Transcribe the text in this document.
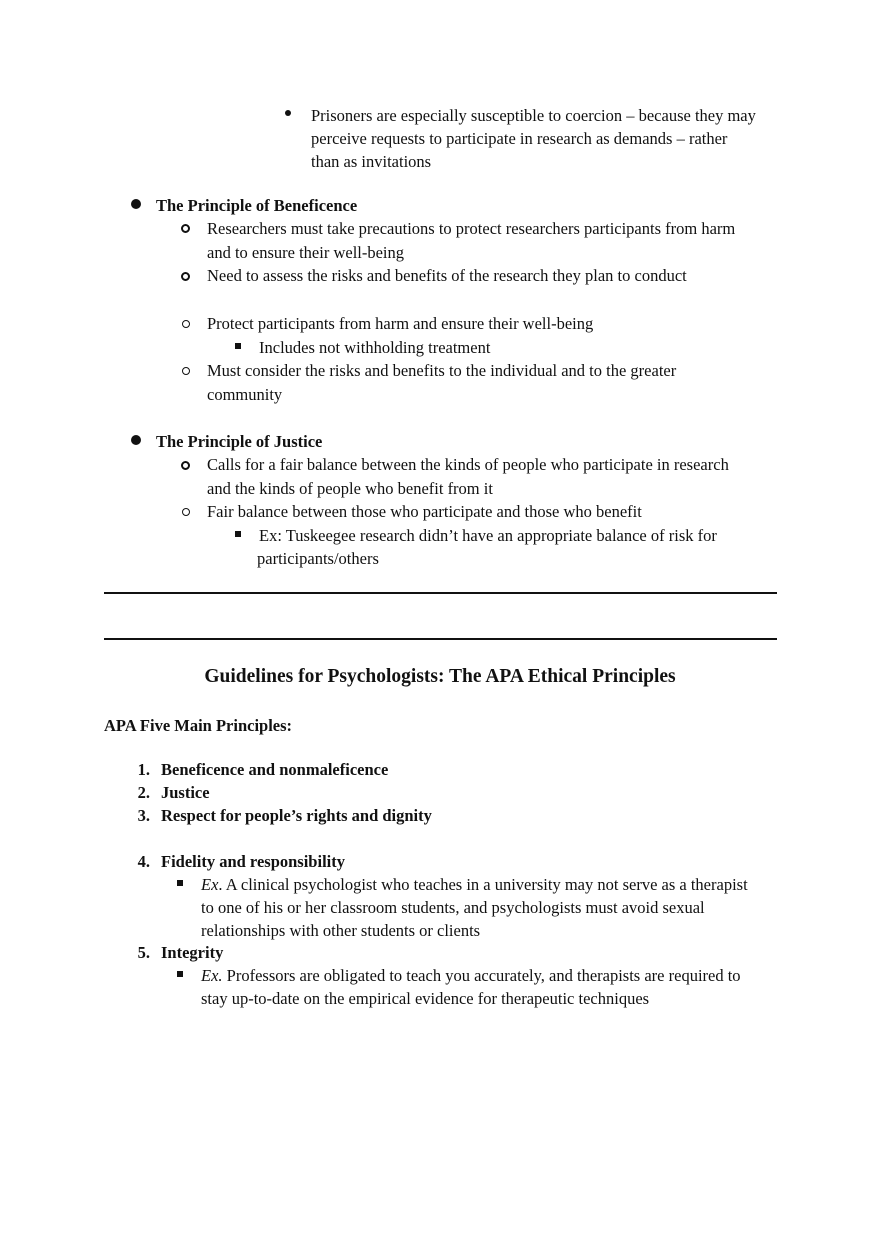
Prisoners are especially susceptible to coercion – because they may
perceive requests to participate in research as demands – rather
than as invitations
The Principle of Beneficence
Researchers must take precautions to protect researchers participants from harm
and to ensure their well-being
Need to assess the risks and benefits of the research they plan to conduct
Protect participants from harm and ensure their well-being
Includes not withholding treatment
Must consider the risks and benefits to the individual and to the greater
community
The Principle of Justice
Calls for a fair balance between the kinds of people who participate in research
and the kinds of people who benefit from it
Fair balance between those who participate and those who benefit
Ex: Tuskeegee research didn’t have an appropriate balance of risk for
participants/others
Guidelines for Psychologists: The APA Ethical Principles
APA Five Main Principles:
1. Beneficence and nonmaleficence
2. Justice
3. Respect for people’s rights and dignity
4. Fidelity and responsibility
Ex. A clinical psychologist who teaches in a university may not serve as a therapist
to one of his or her classroom students, and psychologists must avoid sexual
relationships with other students or clients
5. Integrity
Ex. Professors are obligated to teach you accurately, and therapists are required to
stay up-to-date on the empirical evidence for therapeutic techniques
